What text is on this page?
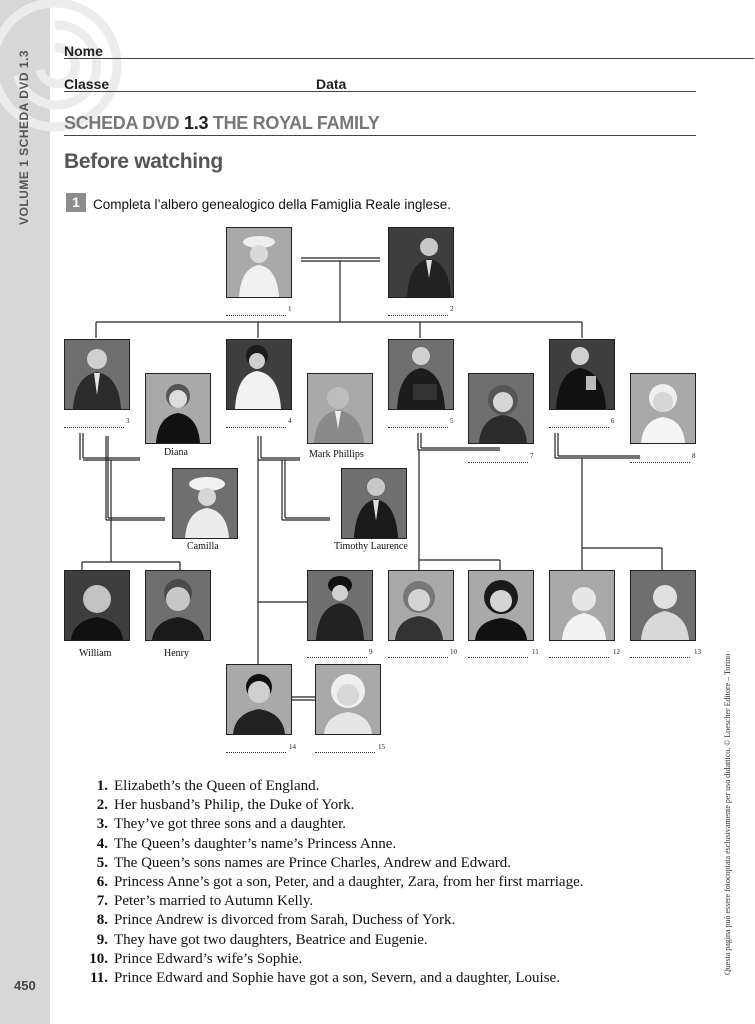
VOLUME 1 SCHEDA DVD 1.3
450
Nome
Classe	Data
SCHEDA DVD 1.3 THE ROYAL FAMILY
Before watching
1 Completa l’albero genealogico della Famiglia Reale inglese.
1	2
3	4	5	6
7	8
9	10	11	12	13
14	15
Diana	Mark Phillips
Camilla	Timothy Laurence
William	Henry
1. Elizabeth’s the Queen of England.
2. Her husband’s Philip, the Duke of York.
3. They’ve got three sons and a daughter.
4. The Queen’s daughter’s name’s Princess Anne.
5. The Queen’s sons names are Prince Charles, Andrew and Edward.
6. Princess Anne’s got a son, Peter, and a daughter, Zara, from her first marriage.
7. Peter’s married to Autumn Kelly.
8. Prince Andrew is divorced from Sarah, Duchess of York.
9. They have got two daughters, Beatrice and Eugenie.
10. Prince Edward’s wife’s Sophie.
11. Prince Edward and Sophie have got a son, Severn, and a daughter, Louise.
Questa pagina può essere fotocopiata esclusivamente per uso didattico. © Loescher Editore – Torino
